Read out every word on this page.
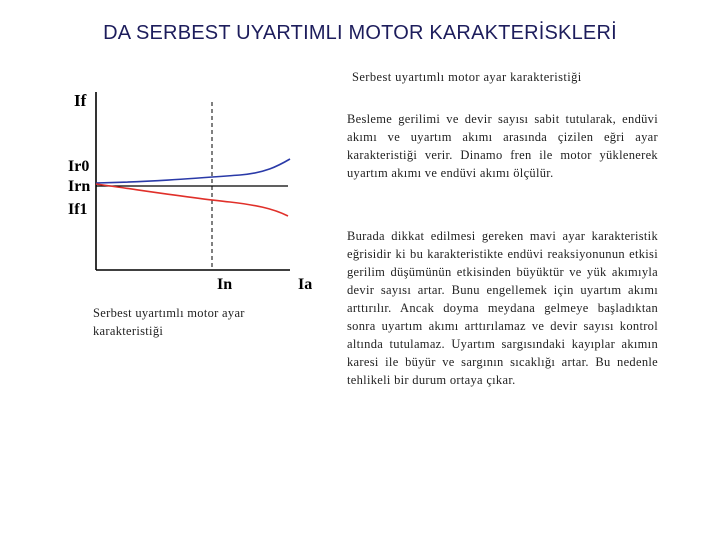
DA SERBEST UYARTIMLI MOTOR KARAKTERİSKLERİ
Serbest uyartımlı motor ayar karakteristiği
Besleme gerilimi ve devir sayısı sabit tutularak, endüvi akımı ve uyartım akımı arasında çizilen eğri ayar karakteristiği verir. Dinamo fren ile motor yüklenerek uyartım akımı ve endüvi akımı ölçülür.
Burada dikkat edilmesi gereken mavi ayar karakteristik eğrisidir ki bu karakteristikte endüvi reaksiyonunun etkisi gerilim düşümünün etkisinden büyüktür ve yük akımıyla devir sayısı artar. Bunu engellemek için uyartım akımı arttırılır. Ancak doyma meydana gelmeye başladıktan sonra uyartım akımı arttırılamaz ve devir sayısı kontrol altında tutulamaz. Uyartım sargısındaki kayıplar akımın karesi ile büyür ve sargının sıcaklığı artar. Bu nedenle tehlikeli bir durum ortaya çıkar.
If
Ir0
Irn
If1
In	Ia
Serbest uyartımlı motor ayar karakteristiği
